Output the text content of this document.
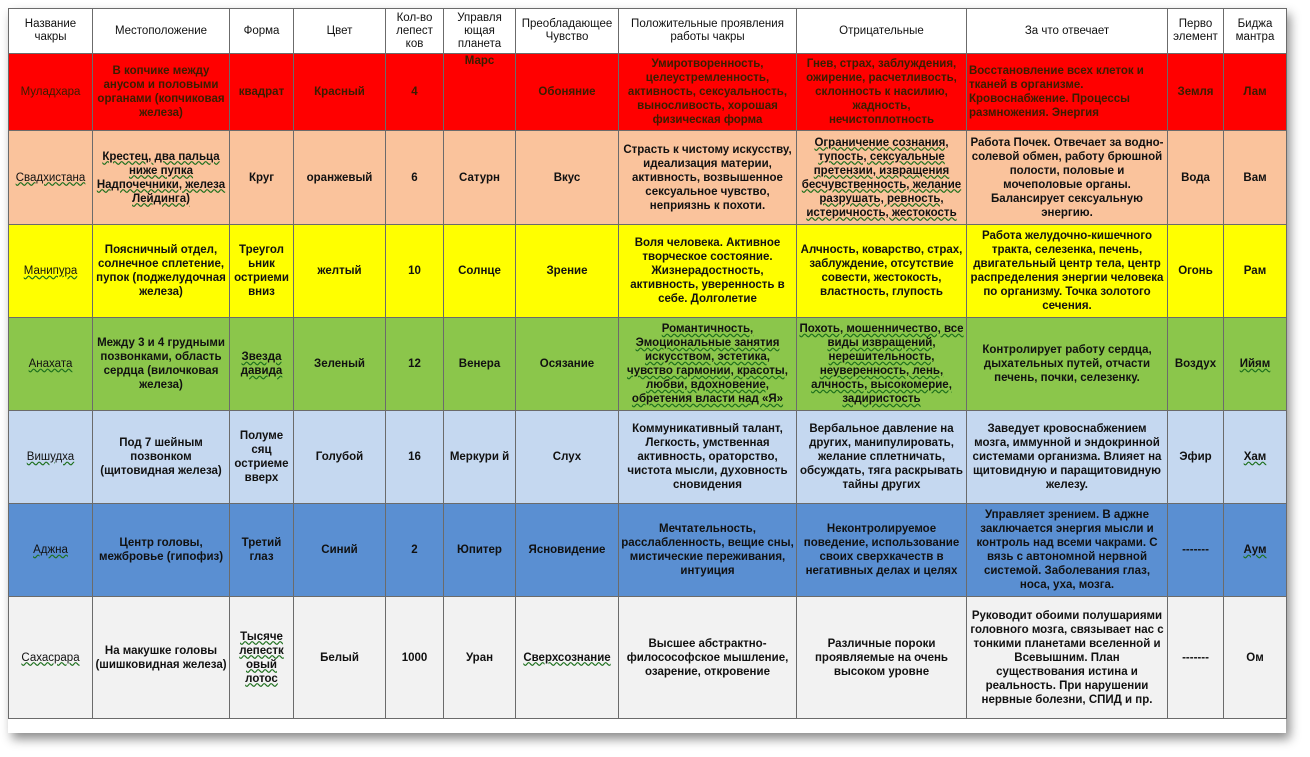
Название чакры	Местоположение	Форма	Цвет	Кол-во лепест ков	Управля ющая планета	Преобладающее Чувство	Положительные проявления работы чакры	Отрицательные	За что отвечает	Перво элемент	Биджа мантра
Муладхара	В копчике между анусом и половыми органами (копчиковая железа)	квадрат	Красный	4	Марс	Обоняние	Умиротворенность, целеустремленность, активность, сексуальность, выносливость, хорошая физическая форма	Гнев, страх, заблуждения, ожирение, расчетливость, склонность к насилию, жадность, нечистоплотность	Восстановление всех клеток и тканей в организме. Кровоснабжение. Процессы размножения. Энергия	Земля	Лам
Свадхистана	Крестец, два пальца ниже пупка Надпочечники, железа Лейдинга)	Круг	оранжевый	6	Сатурн	Вкус	Страсть к чистому искусству, идеализация материи, активность, возвышенное сексуальное чувство, неприязнь к похоти.	Ограничение сознания, тупость, сексуальные претензии, извращения бесчувственность, желание разрушать, ревность, истеричность, жестокость	Работа Почек. Отвечает за водно-солевой обмен, работу брюшной полости, половые и мочеполовые органы. Балансирует сексуальную энергию.	Вода	Вам
Манипура	Поясничный отдел, солнечное сплетение, пупок (поджелудочная железа)	Треугол ьник остриеми вниз	желтый	10	Солнце	Зрение	Воля человека. Активное творческое состояние. Жизнерадостность, активность, уверенность в себе. Долголетие	Алчность, коварство, страх, заблуждение, отсутствие совести, жестокость, властность, глупость	Работа желудочно-кишечного тракта, селезенка, печень, двигательный центр тела, центр распределения энергии человека по организму. Точка золотого сечения.	Огонь	Рам
Анахата	Между 3 и 4 грудными позвонками, область сердца (вилочковая железа)	Звезда давида	Зеленый	12	Венера	Осязание	Романтичность, Эмоциональные занятия искусством, эстетика, чувство гармонии, красоты, любви, вдохновение, обретения власти над «Я»	Похоть, мошенничество, все виды извращений, нерешительность, неуверенность, лень, алчность, высокомерие, задиристость	Контролирует работу сердца, дыхательных путей, отчасти печень, почки, селезенку.	Воздух	Ийям
Вишудха	Под 7 шейным позвонком (щитовидная железа)	Полуме сяц остриеме вверх	Голубой	16	Меркури й	Слух	Коммуникативный талант, Легкость, умственная активность, ораторство, чистота мысли, духовность сновидения	Вербальное давление на других, манипулировать, желание сплетничать, обсуждать, тяга раскрывать тайны других	Заведует кровоснабжением мозга, иммунной и эндокринной системами организма. Влияет на щитовидную и паращитовидную железу.	Эфир	Хам
Аджна	Центр головы, межбровье (гипофиз)	Третий глаз	Синий	2	Юпитер	Ясновидение	Мечтательность, расслабленность, вещие сны, мистические переживания, интуиция	Неконтролируемое поведение, использование своих сверхкачеств в негативных делах и целях	Управляет зрением. В аджне заключается энергия мысли и контроль над всеми чакрами. С вязь с автономной нервной системой. Заболевания глаз, носа, уха, мозга.	-------	Аум
Сахасрара	На макушке головы (шишковидная железа)	Тысяче лепестк овый лотос	Белый	1000	Уран	Сверхсознание	Высшее абстрактно-филосософское мышление, озарение, откровение	Различные пороки проявляемые на очень высоком уровне	Руководит обоими полушариями головного мозга, связывает нас с тонкими планетами вселенной и Всевышним. План существования истина и реальность. При нарушении нервные болезни, СПИД и пр.	-------	Ом
